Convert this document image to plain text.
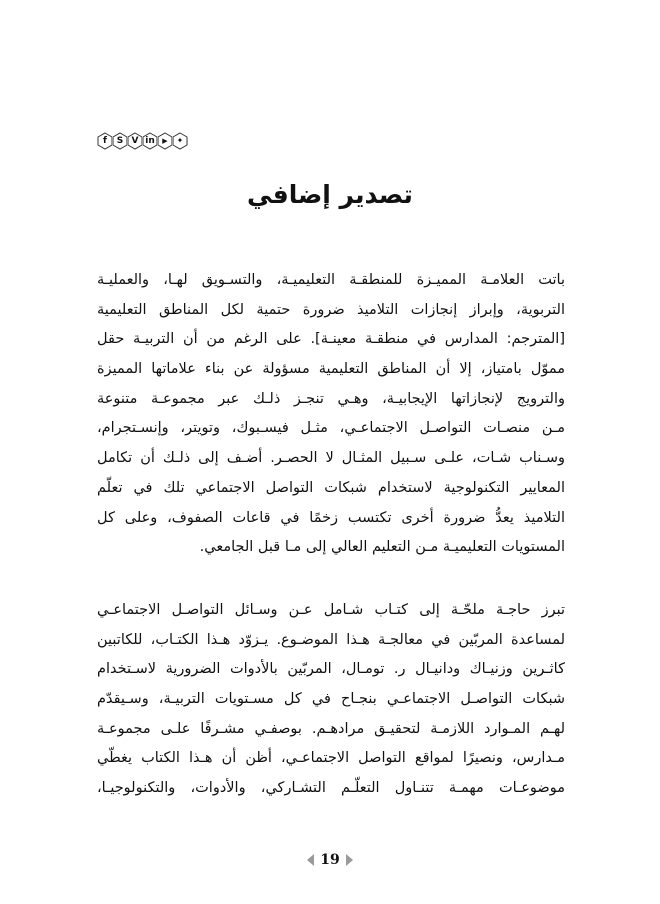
f S V in ▶ ✦
تصدير إضافي
باتت العلامـة المميـزة للمنطقـة التعليميـة، والتسـويق لهـا، والعمليـة
التربوية، وإبراز إنجازات التلاميذ ضرورة حتمية لكل المناطق التعليمية
[المترجم: المدارس في منطقـة معينـة]. على الرغم من أن التربيـة حقل
مموّل بامتياز، إلا أن المناطق التعليمية مسؤولة عن بناء علاماتها المميزة
والترويج لإنجازاتها الإيجابيـة، وهـي تنجـز ذلـك عبر مجموعـة متنوعة
مـن منصـات التواصـل الاجتماعـي، مثـل فيسـبوك، وتويتر، وإنسـتجرام،
وسـناب شـات، علـى سـبيل المثـال لا الحصـر. أضـف إلى ذلـك أن تكامل
المعايير التكنولوجية لاستخدام شبكات التواصل الاجتماعي تلك في تعلّم
التلاميذ يعدُّ ضرورة أخرى تكتسب زخمًا في قاعات الصفوف، وعلى كل
المستويات التعليميـة مـن التعليم العالي إلى مـا قبل الجامعي.
تبرز حاجـة ملحّـة إلى كتـاب شـامل عـن وسـائل التواصـل الاجتماعـي
لمساعدة المربّين في معالجـة هـذا الموضـوع. يـزوّد هـذا الكتـاب، للكاتبين
كاثـرين وزنيـاك ودانيـال ر. تومـال، المربّين بالأدوات الضرورية لاسـتخدام
شبكات التواصـل الاجتماعـي بنجـاح في كل مسـتويات التربيـة، وسـيقدّم
لهـم المـوارد اللازمـة لتحقيـق مرادهـم. بوصفـي مشـرفًا علـى مجموعـة
مـدارس، ونصيرًا لمواقع التواصل الاجتماعـي، أظن أن هـذا الكتاب يغطّي
موضوعـات مهمـة تتنـاول التعلّـم التشـاركي، والأدوات، والتكنولوجيـا،
19
